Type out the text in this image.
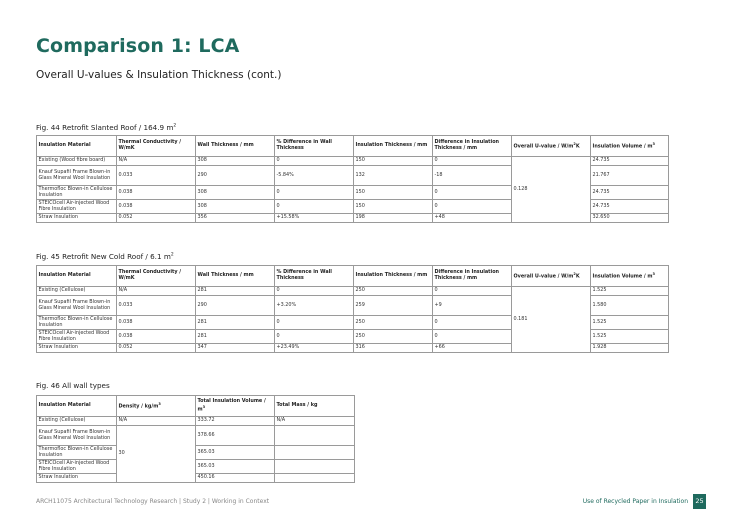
Comparison 1: LCA
Overall U-values & Insulation Thickness (cont.)
Fig. 44 Retrofit Slanted Roof / 164.9 $m^2$
Insulation Material	Thermal Conductivity / W/mK	Wall Thickness / mm	% Difference in Wall Thickness	Insulation Thickness / mm	Difference in Insulation Thickness / mm	Overall U-value / $W/m^2K$	Insulation Volume / $m^3$
Existing (Wood fibre board)	N/A	308	0	150	0	0.128	24.735
Knauf Supafil Frame Blown-in Glass Mineral Wool Insulation	0.033	290	-5.84%	132	-18		21.767
Thermofloc Blown-in Cellulose Insulation	0.038	308	0	150	0		24.735
STEICOcell Air-injected Wood Fibre Insulation	0.038	308	0	150	0		24.735
Straw Insulation	0.052	356	+15.58%	198	+48		32.650
Fig. 45 Retrofit New Cold Roof / 6.1 $m^2$
Insulation Material	Thermal Conductivity / W/mK	Wall Thickness / mm	% Difference in Wall Thickness	Insulation Thickness / mm	Difference in Insulation Thickness / mm	Overall U-value / $W/m^2K$	Insulation Volume / $m^3$
Existing (Cellulose)	N/A	281	0	250	0	0.181	1.525
Knauf Supafil Frame Blown-in Glass Mineral Wool Insulation	0.033	290	+3.20%	259	+9		1.580
Thermofloc Blown-in Cellulose Insulation	0.038	281	0	250	0		1.525
STEICOcell Air-injected Wood Fibre Insulation	0.038	281	0	250	0		1.525
Straw Insulation	0.052	347	+23.49%	316	+66		1.928
Fig. 46 All wall types
Insulation Material	Density / $kg/m^3$	Total Insulation Volume / $m^3$	Total Mass / kg
Existing (Cellulose)	N/A	333.72	N/A
Knauf Supafil Frame Blown-in Glass Mineral Wool Insulation	30	378.66	
Thermofloc Blown-in Cellulose Insulation		365.03	
STEICOcell Air-injected Wood Fibre Insulation		365.03	
Straw Insulation		450.16	
ARCH11075 Architectural Technology Research | Study 2 | Working in Context	Use of Recycled Paper in Insulation	25
